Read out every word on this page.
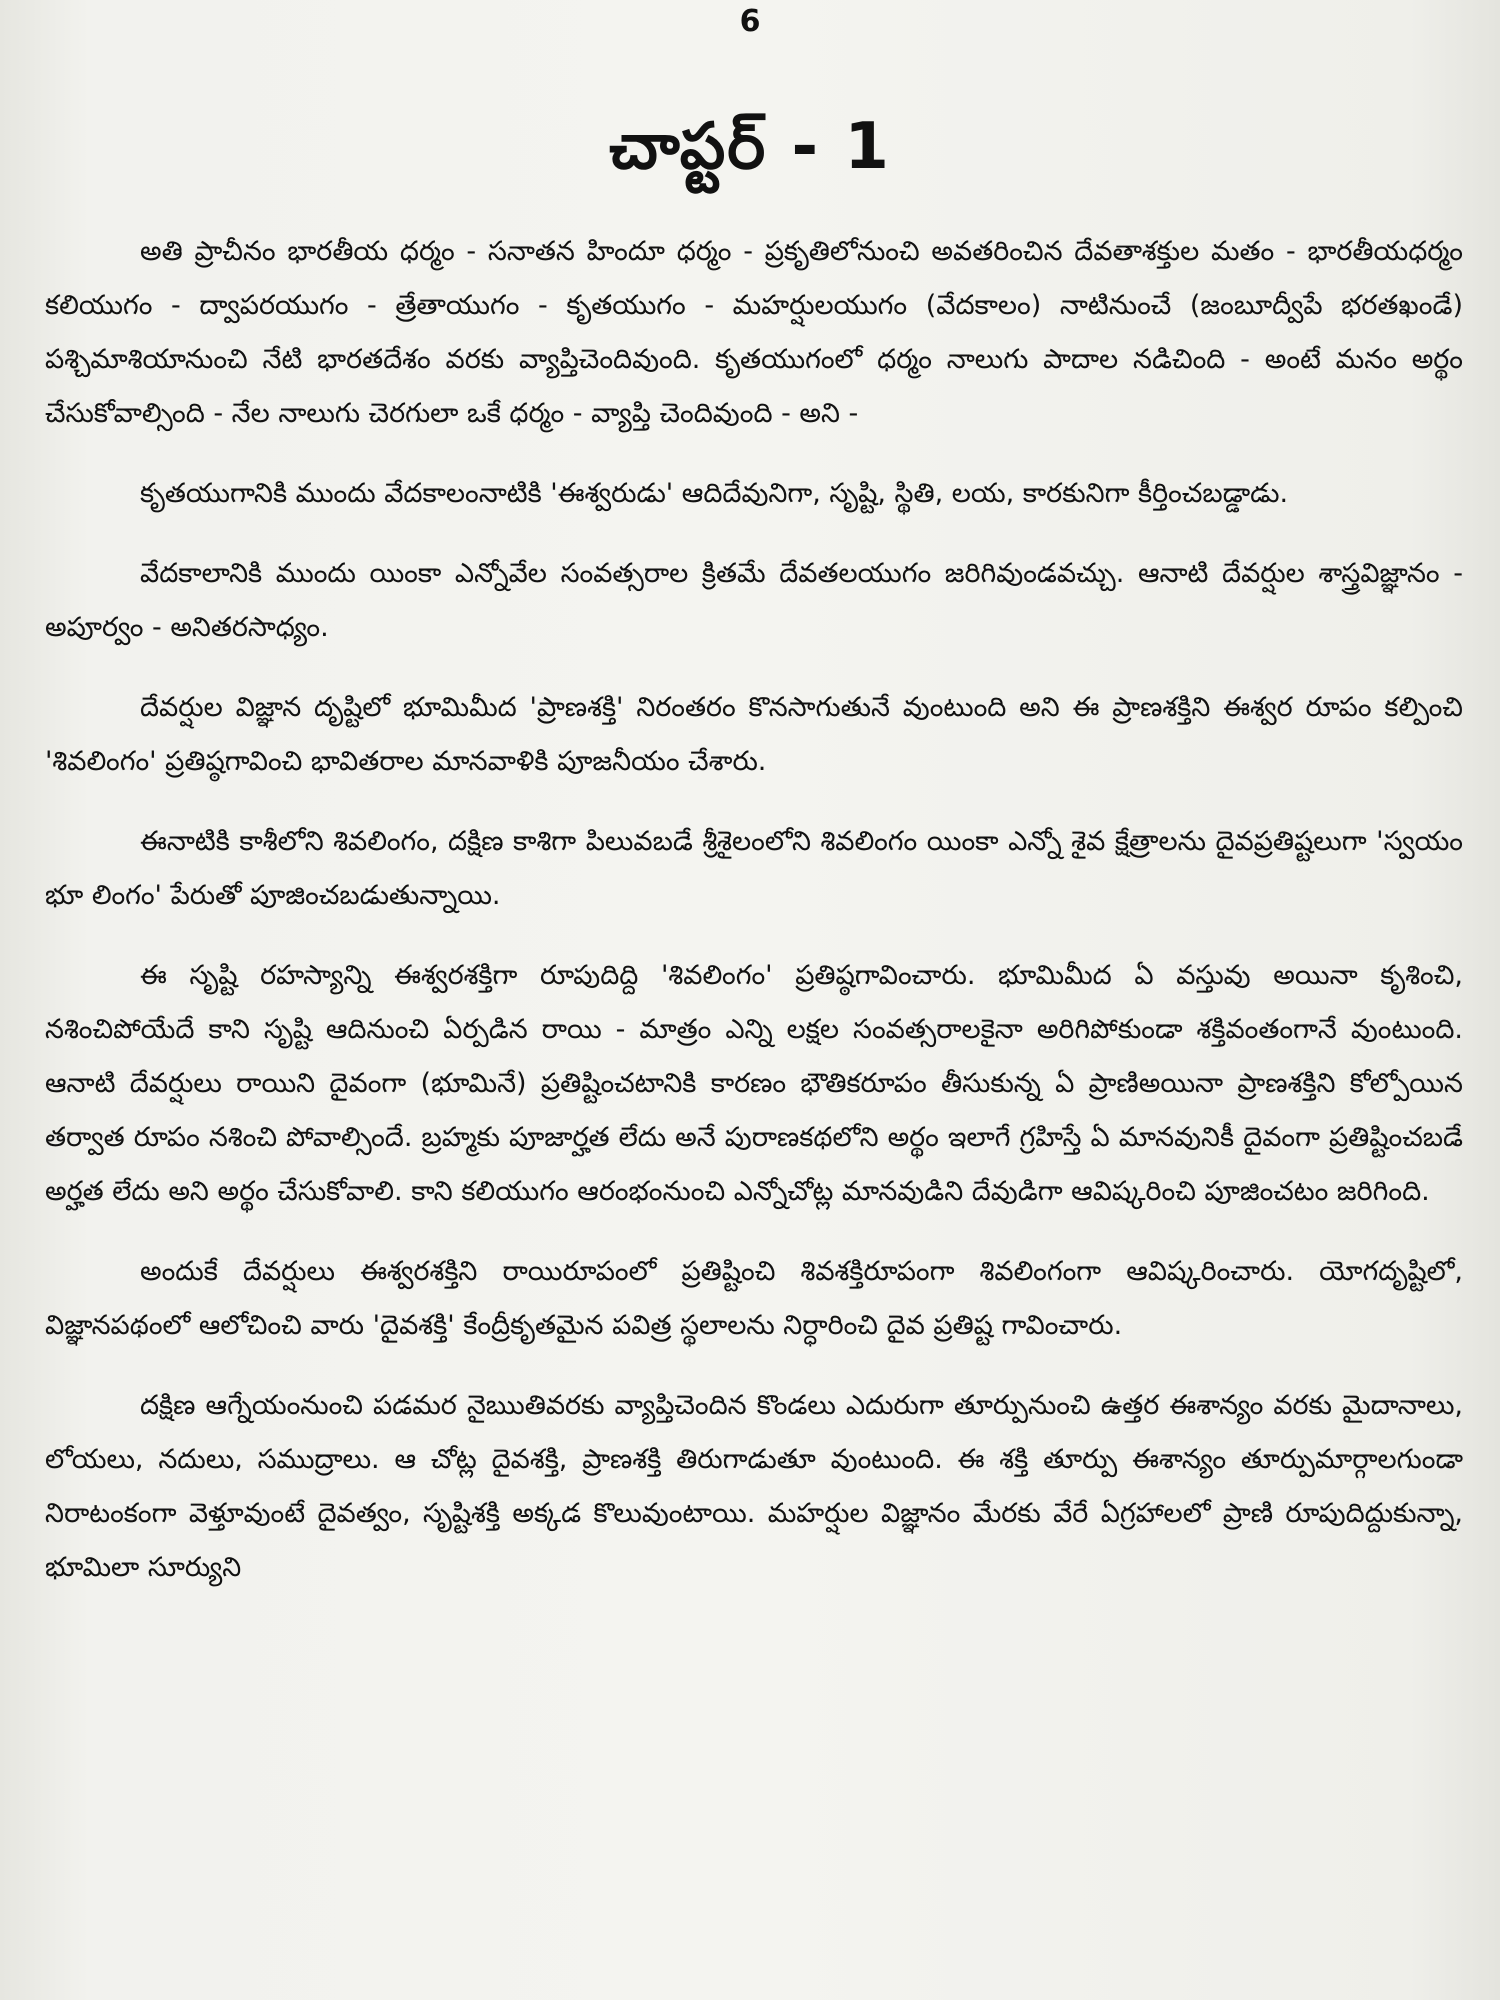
6

చాప్టర్ - 1

అతి ప్రాచీనం భారతీయ ధర్మం - సనాతన హిందూ ధర్మం - ప్రకృతిలోనుంచి అవతరించిన దేవతాశక్తుల మతం - భారతీయధర్మం కలియుగం - ద్వాపరయుగం - త్రేతాయుగం - కృతయుగం - మహర్షులయుగం (వేదకాలం) నాటినుంచే (జంబూద్వీపే భరతఖండే) పశ్చిమాశియానుంచి నేటి భారతదేశం వరకు వ్యాప్తిచెందివుంది. కృతయుగంలో ధర్మం నాలుగు పాదాల నడిచింది - అంటే మనం అర్థం చేసుకోవాల్సింది - నేల నాలుగు చెరగులా ఒకే ధర్మం - వ్యాప్తి చెందివుంది - అని -

కృతయుగానికి ముందు వేదకాలంనాటికి 'ఈశ్వరుడు' ఆదిదేవునిగా, సృష్టి, స్థితి, లయ, కారకునిగా కీర్తించబడ్డాడు.

వేదకాలానికి ముందు యింకా ఎన్నోవేల సంవత్సరాల క్రితమే దేవతలయుగం జరిగివుండవచ్చు. ఆనాటి దేవర్షుల శాస్త్రవిజ్ఞానం - అపూర్వం - అనితరసాధ్యం.

దేవర్షుల విజ్ఞాన దృష్టిలో భూమిమీద 'ప్రాణశక్తి' నిరంతరం కొనసాగుతునే వుంటుంది అని ఈ ప్రాణశక్తిని ఈశ్వర రూపం కల్పించి 'శివలింగం' ప్రతిష్ఠగావించి భావితరాల మానవాళికి పూజనీయం చేశారు.

ఈనాటికి కాశీలోని శివలింగం, దక్షిణ కాశిగా పిలువబడే శ్రీశైలంలోని శివలింగం యింకా ఎన్నో శైవ క్షేత్రాలను దైవప్రతిష్టలుగా 'స్వయం భూ లింగం' పేరుతో పూజించబడుతున్నాయి.

ఈ సృష్టి రహస్యాన్ని ఈశ్వరశక్తిగా రూపుదిద్ది 'శివలింగం' ప్రతిష్ఠగావించారు. భూమిమీద ఏ వస్తువు అయినా కృశించి, నశించిపోయేదే కాని సృష్టి ఆదినుంచి ఏర్పడిన రాయి - మాత్రం ఎన్ని లక్షల సంవత్సరాలకైనా అరిగిపోకుండా శక్తివంతంగానే వుంటుంది. ఆనాటి దేవర్షులు రాయిని దైవంగా (భూమినే) ప్రతిష్టించటానికి కారణం భౌతికరూపం తీసుకున్న ఏ ప్రాణిఅయినా ప్రాణశక్తిని కోల్పోయిన తర్వాత రూపం నశించి పోవాల్సిందే. బ్రహ్మకు పూజార్హత లేదు అనే పురాణకథలోని అర్థం ఇలాగే గ్రహిస్తే ఏ మానవునికీ దైవంగా ప్రతిష్టించబడే అర్హత లేదు అని అర్థం చేసుకోవాలి. కాని కలియుగం ఆరంభంనుంచి ఎన్నోచోట్ల మానవుడిని దేవుడిగా ఆవిష్కరించి పూజించటం జరిగింది.

అందుకే దేవర్షులు ఈశ్వరశక్తిని రాయిరూపంలో ప్రతిష్టించి శివశక్తిరూపంగా శివలింగంగా ఆవిష్కరించారు. యోగదృష్టిలో, విజ్ఞానపథంలో ఆలోచించి వారు 'దైవశక్తి' కేంద్రీకృతమైన పవిత్ర స్థలాలను నిర్ధారించి దైవ ప్రతిష్ట గావించారు.

దక్షిణ ఆగ్నేయంనుంచి పడమర నైఋతివరకు వ్యాప్తిచెందిన కొండలు ఎదురుగా తూర్పునుంచి ఉత్తర ఈశాన్యం వరకు మైదానాలు, లోయలు, నదులు, సముద్రాలు. ఆ చోట్ల దైవశక్తి, ప్రాణశక్తి తిరుగాడుతూ వుంటుంది. ఈ శక్తి తూర్పు ఈశాన్యం తూర్పుమార్గాలగుండా నిరాటంకంగా వెళ్తూవుంటే దైవత్వం, సృష్టిశక్తి అక్కడ కొలువుంటాయి. మహర్షుల విజ్ఞానం మేరకు వేరే ఏగ్రహాలలో ప్రాణి రూపుదిద్దుకున్నా, భూమిలా సూర్యుని
